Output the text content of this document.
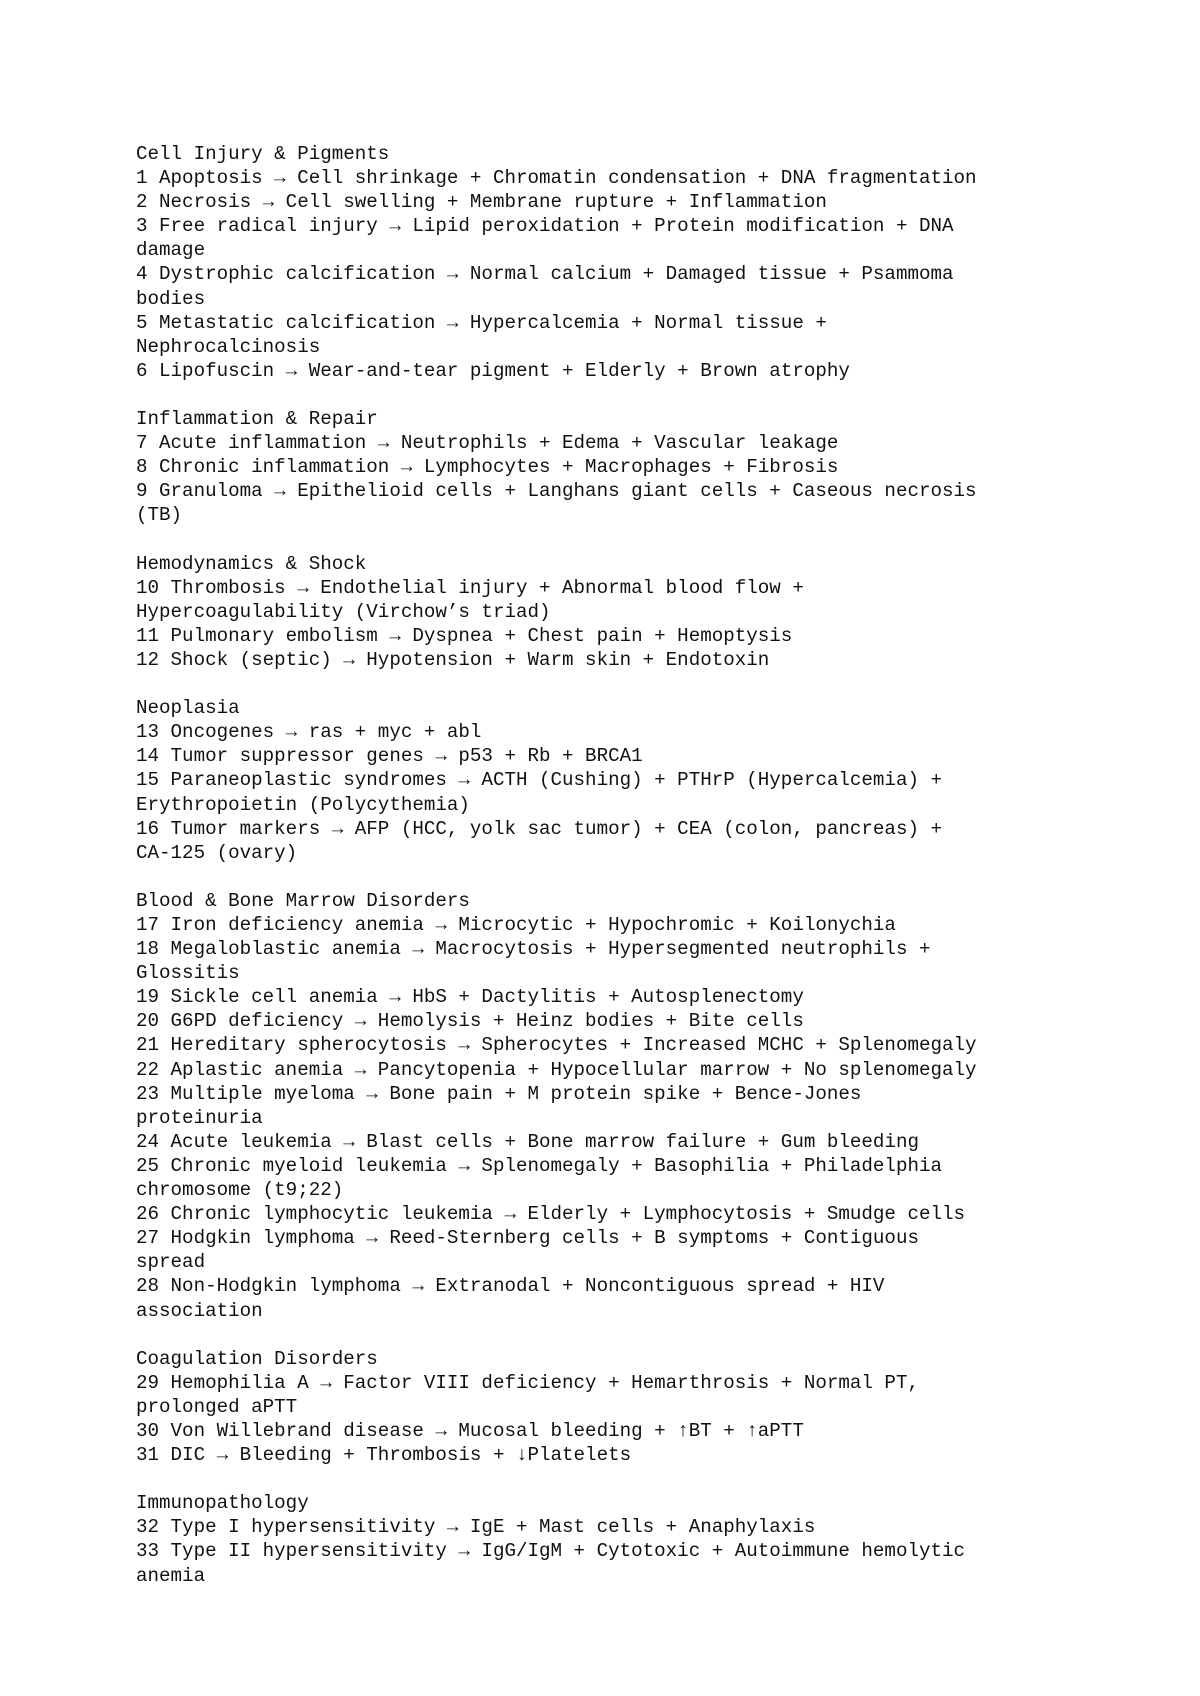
Cell Injury & Pigments
1 Apoptosis → Cell shrinkage + Chromatin condensation + DNA fragmentation
2 Necrosis → Cell swelling + Membrane rupture + Inflammation
3 Free radical injury → Lipid peroxidation + Protein modification + DNA
damage
4 Dystrophic calcification → Normal calcium + Damaged tissue + Psammoma
bodies
5 Metastatic calcification → Hypercalcemia + Normal tissue +
Nephrocalcinosis
6 Lipofuscin → Wear-and-tear pigment + Elderly + Brown atrophy
Inflammation & Repair
7 Acute inflammation → Neutrophils + Edema + Vascular leakage
8 Chronic inflammation → Lymphocytes + Macrophages + Fibrosis
9 Granuloma → Epithelioid cells + Langhans giant cells + Caseous necrosis
(TB)
Hemodynamics & Shock
10 Thrombosis → Endothelial injury + Abnormal blood flow +
Hypercoagulability (Virchow’s triad)
11 Pulmonary embolism → Dyspnea + Chest pain + Hemoptysis
12 Shock (septic) → Hypotension + Warm skin + Endotoxin
Neoplasia
13 Oncogenes → ras + myc + abl
14 Tumor suppressor genes → p53 + Rb + BRCA1
15 Paraneoplastic syndromes → ACTH (Cushing) + PTHrP (Hypercalcemia) +
Erythropoietin (Polycythemia)
16 Tumor markers → AFP (HCC, yolk sac tumor) + CEA (colon, pancreas) +
CA-125 (ovary)
Blood & Bone Marrow Disorders
17 Iron deficiency anemia → Microcytic + Hypochromic + Koilonychia
18 Megaloblastic anemia → Macrocytosis + Hypersegmented neutrophils +
Glossitis
19 Sickle cell anemia → HbS + Dactylitis + Autosplenectomy
20 G6PD deficiency → Hemolysis + Heinz bodies + Bite cells
21 Hereditary spherocytosis → Spherocytes + Increased MCHC + Splenomegaly
22 Aplastic anemia → Pancytopenia + Hypocellular marrow + No splenomegaly
23 Multiple myeloma → Bone pain + M protein spike + Bence-Jones
proteinuria
24 Acute leukemia → Blast cells + Bone marrow failure + Gum bleeding
25 Chronic myeloid leukemia → Splenomegaly + Basophilia + Philadelphia
chromosome (t9;22)
26 Chronic lymphocytic leukemia → Elderly + Lymphocytosis + Smudge cells
27 Hodgkin lymphoma → Reed-Sternberg cells + B symptoms + Contiguous
spread
28 Non-Hodgkin lymphoma → Extranodal + Noncontiguous spread + HIV
association
Coagulation Disorders
29 Hemophilia A → Factor VIII deficiency + Hemarthrosis + Normal PT,
prolonged aPTT
30 Von Willebrand disease → Mucosal bleeding + ↑BT + ↑aPTT
31 DIC → Bleeding + Thrombosis + ↓Platelets
Immunopathology
32 Type I hypersensitivity → IgE + Mast cells + Anaphylaxis
33 Type II hypersensitivity → IgG/IgM + Cytotoxic + Autoimmune hemolytic
anemia
